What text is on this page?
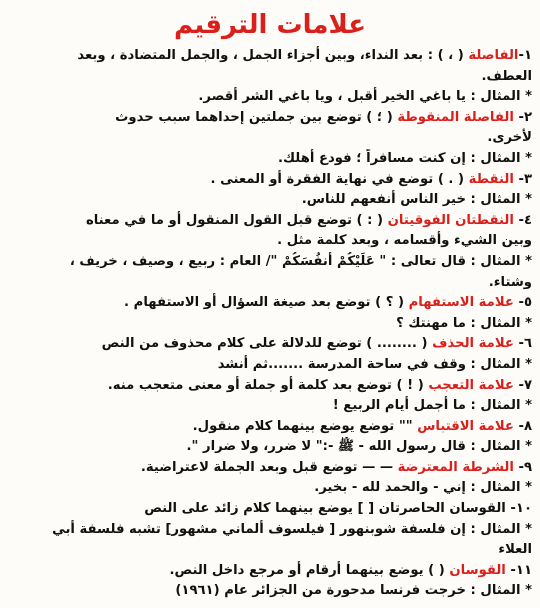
علامات الترقيم
١-الفاصلة ( ، ) : بعد النداء، وبين أجزاء الجمل ، والجمل المتضادة ، وبعد
العطف.
* المثال : يا باغي الخير أقبل ، ويا باغي الشر أقصر.
٢- الفاصلة المنقوطة ( ؛ ) توضع بين جملتين إحداهما سبب حدوث
لأخرى.
* المثال : إن كنت مسافراً ؛ فودع أهلك.
٣- النقطة ( . ) توضع في نهاية الفقرة أو المعنى .
* المثال : خير الناس أنفعهم للناس.
٤- النقطتان الفوقيتان ( : ) توضع قبل القول المنقول أو ما في معناه
وبين الشيء وأقسامه ، وبعد كلمة مثل .
* المثال : قال تعالى : " عَلَيْكُمْ أَنفُسَكُمْ "/ العام : ربيع ، وصيف ، خريف ،
وشتاء.
٥- علامة الاستفهام ( ؟ ) توضع بعد صيغة السؤال أو الاستفهام .
* المثال : ما مهنتك ؟
٦- علامة الحذف ( ........ ) توضع للدلالة على كلام محذوف من النص
* المثال : وقف في ساحة المدرسة .......ثم أنشد
٧- علامة التعجب ( ! ) توضع بعد كلمة أو جملة أو معنى متعجب منه.
* المثال : ما أجمل أيام الربيع !
٨- علامة الاقتباس "" توضع يوضع بينهما كلام منقول.
* المثال : قال رسول الله - ﷺ -:" لا ضرر، ولا ضرار ".
٩- الشرطة المعترضة — — توضع قبل وبعد الجملة لاعتراضية.
* المثال : إني - والحمد لله - بخير.
١٠- القوسان الحاصرتان [ ] يوضع بينهما كلام زائد على النص
* المثال : إن فلسفة شوبنهور [ فيلسوف ألماني مشهور] تشبه فلسفة أبي
العلاء
١١- القوسان ( ) يوضع بينهما أرقام أو مرجع داخل النص.
* المثال : خرجت فرنسا مدحورة من الجزائر عام (١٩٦١)
